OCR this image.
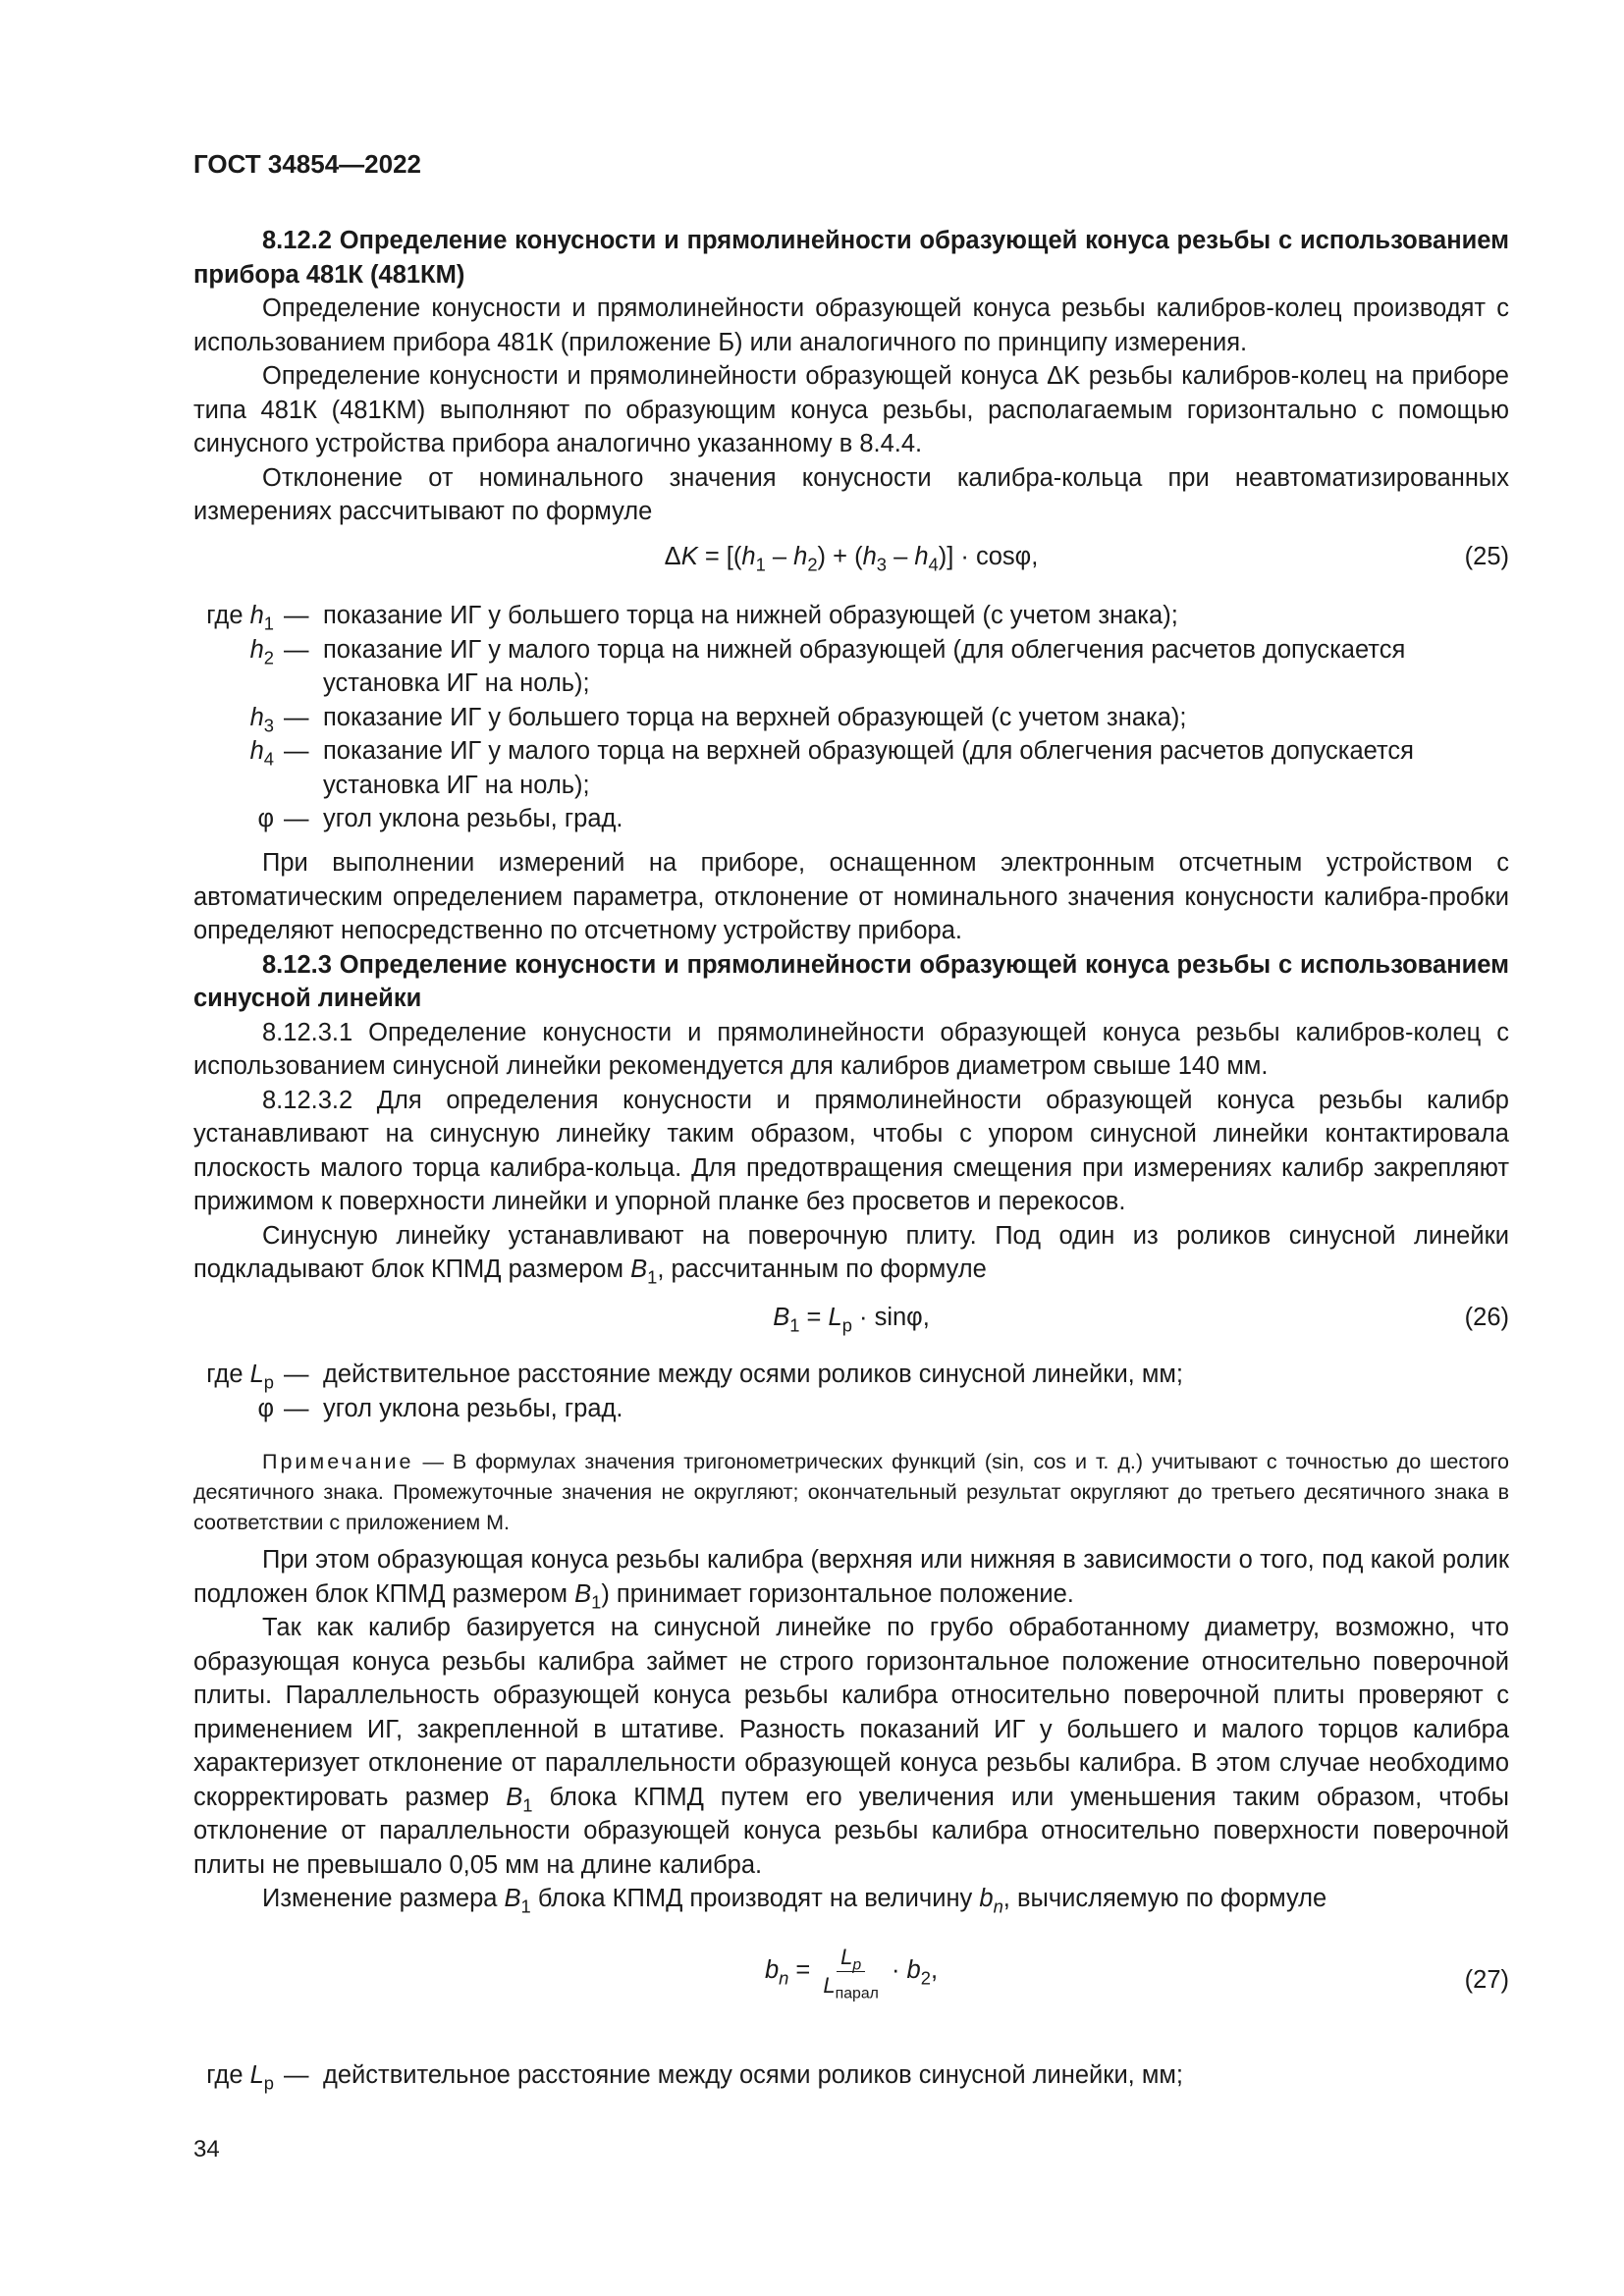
ГОСТ 34854—2022

8.12.2 Определение конусности и прямолинейности образующей конуса резьбы с использованием прибора 481К (481КМ)

Определение конусности и прямолинейности образующей конуса резьбы калибров-колец производят с использованием прибора 481К (приложение Б) или аналогичного по принципу измерения.

Определение конусности и прямолинейности образующей конуса ΔK резьбы калибров-колец на приборе типа 481К (481КМ) выполняют по образующим конуса резьбы, располагаемым горизонтально с помощью синусного устройства прибора аналогично указанному в 8.4.4.

Отклонение от номинального значения конусности калибра-кольца при неавтоматизированных измерениях рассчитывают по формуле

$\Delta K = [(h_1 - h_2) + (h_3 - h_4)] \cdot \cos\varphi$,	(25)
где $h_1$ — показание ИГ у большего торца на нижней образующей (с учетом знака);
$h_2$ — показание ИГ у малого торца на нижней образующей (для облегчения расчетов допускается установка ИГ на ноль);
$h_3$ — показание ИГ у большего торца на верхней образующей (с учетом знака);
$h_4$ — показание ИГ у малого торца на верхней образующей (для облегчения расчетов допускается установка ИГ на ноль);
φ — угол уклона резьбы, град.

При выполнении измерений на приборе, оснащенном электронным отсчетным устройством с автоматическим определением параметра, отклонение от номинального значения конусности калибра-пробки определяют непосредственно по отсчетному устройству прибора.

8.12.3 Определение конусности и прямолинейности образующей конуса резьбы с использованием синусной линейки

8.12.3.1 Определение конусности и прямолинейности образующей конуса резьбы калибров-колец с использованием синусной линейки рекомендуется для калибров диаметром свыше 140 мм.

8.12.3.2 Для определения конусности и прямолинейности образующей конуса резьбы калибр устанавливают на синусную линейку таким образом, чтобы с упором синусной линейки контактировала плоскость малого торца калибра-кольца. Для предотвращения смещения при измерениях калибр закрепляют прижимом к поверхности линейки и упорной планке без просветов и перекосов.

Синусную линейку устанавливают на поверочную плиту. Под один из роликов синусной линейки подкладывают блок КПМД размером $B_1$, рассчитанным по формуле

$B_1 = L_р \cdot \sin\varphi$,	(26)
где $L_р$ — действительное расстояние между осями роликов синусной линейки, мм;
φ — угол уклона резьбы, град.

Примечание — В формулах значения тригонометрических функций (sin, cos и т. д.) учитывают с точностью до шестого десятичного знака. Промежуточные значения не округляют; окончательный результат округляют до третьего десятичного знака в соответствии с приложением М.

При этом образующая конуса резьбы калибра (верхняя или нижняя в зависимости о того, под какой ролик подложен блок КПМД размером $B_1$) принимает горизонтальное положение.

Так как калибр базируется на синусной линейке по грубо обработанному диаметру, возможно, что образующая конуса резьбы калибра займет не строго горизонтальное положение относительно поверочной плиты. Параллельность образующей конуса резьбы калибра относительно поверочной плиты проверяют с применением ИГ, закрепленной в штативе. Разность показаний ИГ у большего и малого торцов калибра характеризует отклонение от параллельности образующей конуса резьбы калибра. В этом случае необходимо скорректировать размер $B_1$ блока КПМД путем его увеличения или уменьшения таким образом, чтобы отклонение от параллельности образующей конуса резьбы калибра относительно поверхности поверочной плиты не превышало 0,05 мм на длине калибра.

Изменение размера $B_1$ блока КПМД производят на величину $b_n$, вычисляемую по формуле

$b_n = \frac{L_p}{L_{парал}} \cdot b_2$,	(27)
где $L_р$ — действительное расстояние между осями роликов синусной линейки, мм;
34
